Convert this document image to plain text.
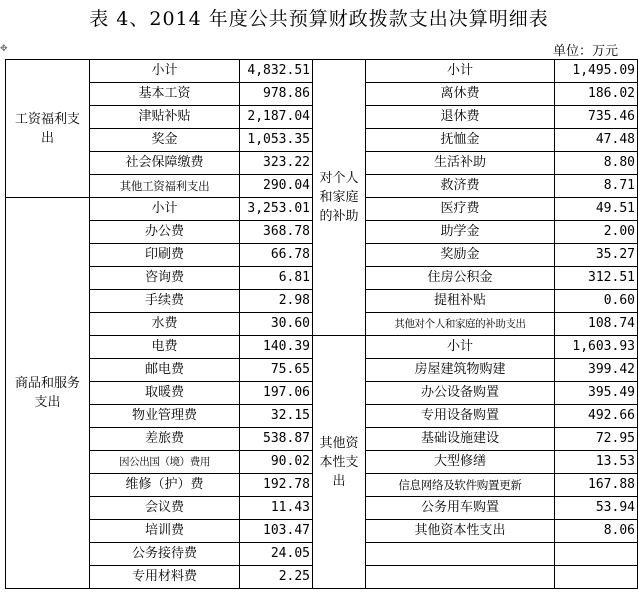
表 4、2014 年度公共预算财政拨款支出决算明细表
单位：万元
✥
工资福利支出	小计	4,832.51	对个人和家庭的补助	小计	1,495.09
	基本工资	978.86		离休费	186.02
	津贴补贴	2,187.04		退休费	735.46
	奖金	1,053.35		抚恤金	47.48
	社会保障缴费	323.22		生活补助	8.80
	其他工资福利支出	290.04		救济费	8.71
商品和服务支出	小计	3,253.01		医疗费	49.51
	办公费	368.78		助学金	2.00
	印刷费	66.78		奖励金	35.27
	咨询费	6.81		住房公积金	312.51
	手续费	2.98		提租补贴	0.60
	水费	30.60		其他对个人和家庭的补助支出	108.74
	电费	140.39	其他资本性支出	小计	1,603.93
	邮电费	75.65		房屋建筑物购建	399.42
	取暖费	197.06		办公设备购置	395.49
	物业管理费	32.15		专用设备购置	492.66
	差旅费	538.87		基础设施建设	72.95
	因公出国（境）费用	90.02		大型修缮	13.53
	维修（护）费	192.78		信息网络及软件购置更新	167.88
	会议费	11.43		公务用车购置	53.94
	培训费	103.47		其他资本性支出	8.06
	公务接待费	24.05			
	专用材料费	2.25			
